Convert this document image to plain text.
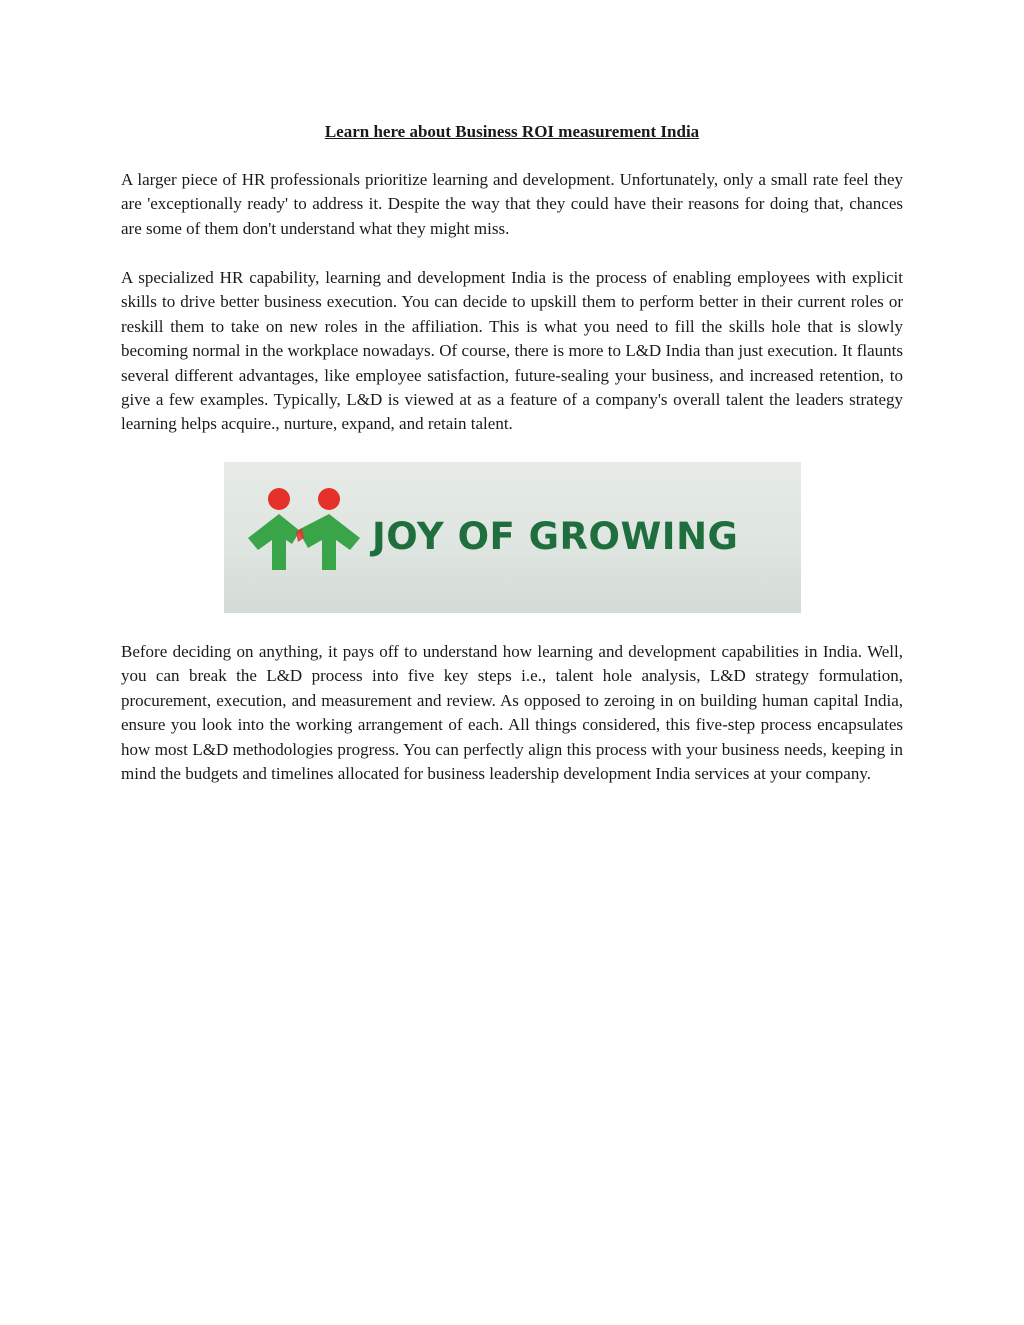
Learn here about Business ROI measurement India

A larger piece of HR professionals prioritize learning and development. Unfortunately, only a small rate feel they are 'exceptionally ready' to address it. Despite the way that they could have their reasons for doing that, chances are some of them don't understand what they might miss.

A specialized HR capability, learning and development India is the process of enabling employees with explicit skills to drive better business execution. You can decide to upskill them to perform better in their current roles or reskill them to take on new roles in the affiliation. This is what you need to fill the skills hole that is slowly becoming normal in the workplace nowadays. Of course, there is more to L&D India than just execution. It flaunts several different advantages, like employee satisfaction, future-sealing your business, and increased retention, to give a few examples. Typically, L&D is viewed at as a feature of a company's overall talent the leaders strategy learning helps acquire., nurture, expand, and retain talent.

Before deciding on anything, it pays off to understand how learning and development capabilities in India. Well, you can break the L&D process into five key steps i.e., talent hole analysis, L&D strategy formulation, procurement, execution, and measurement and review. As opposed to zeroing in on building human capital India, ensure you look into the working arrangement of each. All things considered, this five-step process encapsulates how most L&D methodologies progress. You can perfectly align this process with your business needs, keeping in mind the budgets and timelines allocated for business leadership development India services at your company.

JOY OF GROWING
